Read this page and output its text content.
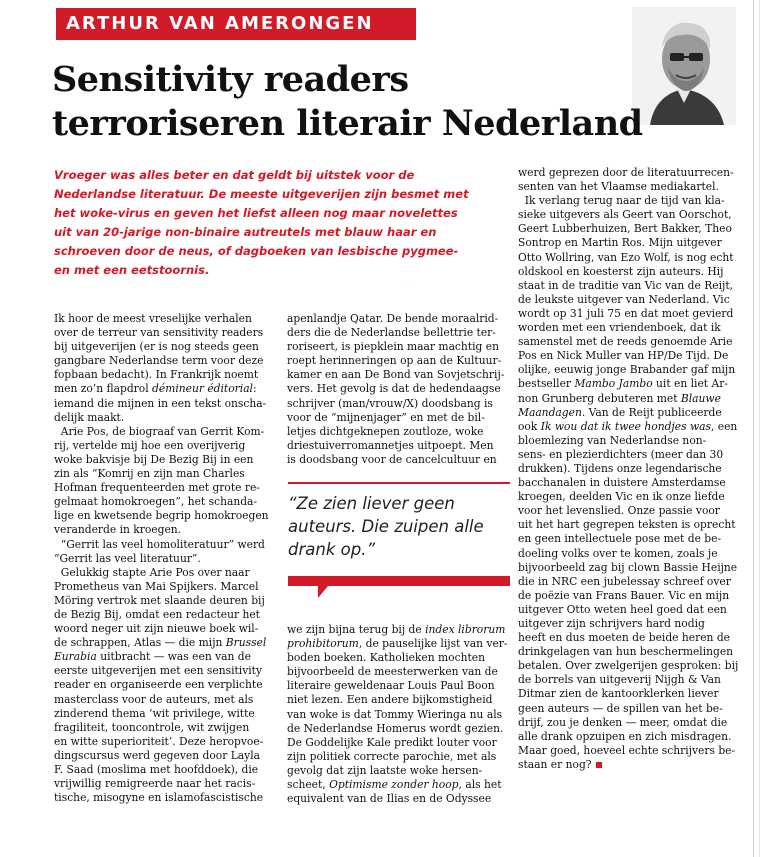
ARTHUR VAN AMERONGEN
Sensitivity readers
terroriseren literair Nederland
Vroeger was alles beter en dat geldt bij uitstek voor de
Nederlandse literatuur. De meeste uitgeverijen zijn besmet met
het woke-virus en geven het liefst alleen nog maar novelettes
uit van 20-jarige non-binaire autreutels met blauw haar en
schroeven door de neus, of dagboeken van lesbische pygmee-
en met een eetstoornis.
Ik hoor de meest vreselijke verhalen
over de terreur van sensitivity readers
bij uitgeverijen (er is nog steeds geen
gangbare Nederlandse term voor deze
fopbaan bedacht). In Frankrijk noemt
men zo’n flapdrol démineur éditorial:
iemand die mijnen in een tekst onscha-
delijk maakt.
Arie Pos, de biograaf van Gerrit Kom-
rij, vertelde mij hoe een overijverig
woke bakvisje bij De Bezig Bij in een
zin als “Komrij en zijn man Charles
Hofman frequenteerden met grote re-
gelmaat homokroegen”, het schanda-
lige en kwetsende begrip homokroegen
veranderde in kroegen.
“Gerrit las veel homoliteratuur” werd
“Gerrit las veel literatuur”.
Gelukkig stapte Arie Pos over naar
Prometheus van Mai Spijkers. Marcel
Möring vertrok met slaande deuren bij
de Bezig Bij, omdat een redacteur het
woord neger uit zijn nieuwe boek wil-
de schrappen, Atlas — die mijn Brussel
Eurabia uitbracht — was een van de
eerste uitgeverijen met een sensitivity
reader en organiseerde een verplichte
masterclass voor de auteurs, met als
zinderend thema ‘wit privilege, witte
fragiliteit, tooncontrole, wit zwijgen
en witte superioriteit’. Deze heropvoe-
dingscursus werd gegeven door Layla
F. Saad (moslima met hoofddoek), die
vrijwillig remigreerde naar het racis-
tische, misogyne en islamofascistische
apenlandje Qatar. De bende moraalrid-
ders die de Nederlandse bellettrie ter-
roriseert, is piepklein maar machtig en
roept herinneringen op aan de Kultuur-
kamer en aan De Bond van Sovjetschrij-
vers. Het gevolg is dat de hedendaagse
schrijver (man/vrouw/X) doodsbang is
voor de “mijnenjager” en met de bil-
letjes dichtgeknepen zoutloze, woke
driestuiverromannetjes uitpoept. Men
is doodsbang voor de cancelcultuur en
“Ze zien liever geen
auteurs. Die zuipen alle
drank op.”
we zijn bijna terug bij de index librorum
prohibitorum, de pauselijke lijst van ver-
boden boeken. Katholieken mochten
bijvoorbeeld de meesterwerken van de
literaire geweldenaar Louis Paul Boon
niet lezen. Een andere bijkomstigheid
van woke is dat Tommy Wieringa nu als
de Nederlandse Homerus wordt gezien.
De Goddelijke Kale predikt louter voor
zijn politiek correcte parochie, met als
gevolg dat zijn laatste woke hersen-
scheet, Optimisme zonder hoop, als het
equivalent van de Ilias en de Odyssee
werd geprezen door de literatuurrecen-
senten van het Vlaamse mediakartel.
Ik verlang terug naar de tijd van kla-
sieke uitgevers als Geert van Oorschot,
Geert Lubberhuizen, Bert Bakker, Theo
Sontrop en Martin Ros. Mijn uitgever
Otto Wollring, van Ezo Wolf, is nog echt
oldskool en koesterst zijn auteurs. Hij
staat in de traditie van Vic van de Reijt,
de leukste uitgever van Nederland. Vic
wordt op 31 juli 75 en dat moet gevierd
worden met een vriendenboek, dat ik
samenstel met de reeds genoemde Arie
Pos en Nick Muller van HP/De Tijd. De
olijke, eeuwig jonge Brabander gaf mijn
bestseller Mambo Jambo uit en liet Ar-
non Grunberg debuteren met Blauwe
Maandagen. Van de Reijt publiceerde
ook Ik wou dat ik twee hondjes was, een
bloemlezing van Nederlandse non-
sens- en plezierdichters (meer dan 30
drukken). Tijdens onze legendarische
bacchanalen in duistere Amsterdamse
kroegen, deelden Vic en ik onze liefde
voor het levenslied. Onze passie voor
uit het hart gegrepen teksten is oprecht
en geen intellectuele pose met de be-
doeling volks over te komen, zoals je
bijvoorbeeld zag bij clown Bassie Heijne
die in NRC een jubelessay schreef over
de poëzie van Frans Bauer. Vic en mijn
uitgever Otto weten heel goed dat een
uitgever zijn schrijvers hard nodig
heeft en dus moeten de beide heren de
drinkgelagen van hun beschermelingen
betalen. Over zwelgerijen gesproken: bij
de borrels van uitgeverij Nijgh & Van
Ditmar zien de kantoorklerken liever
geen auteurs — de spillen van het be-
drijf, zou je denken — meer, omdat die
alle drank opzuipen en zich misdragen.
Maar goed, hoeveel echte schrijvers be-
staan er nog?
